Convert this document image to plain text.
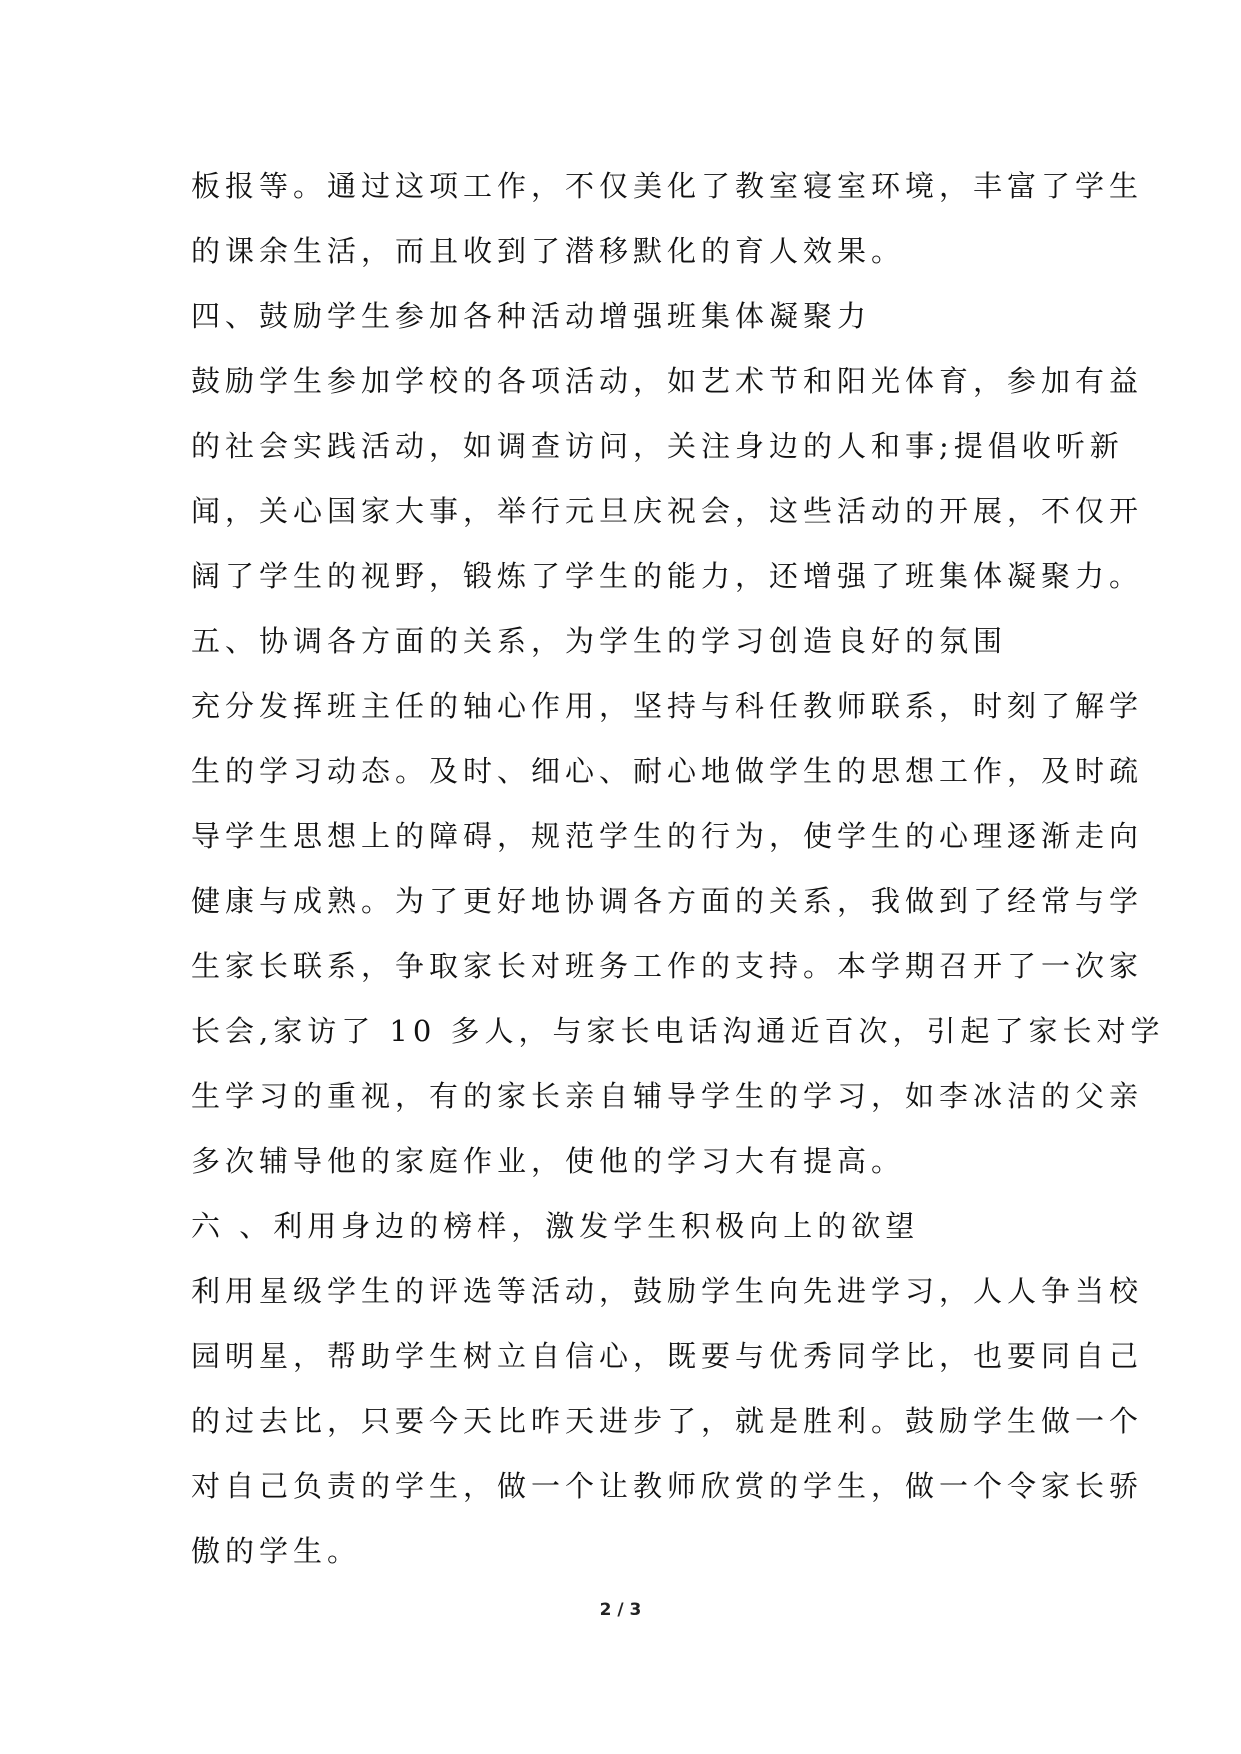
板报等。通过这项工作，不仅美化了教室寝室环境，丰富了学生
的课余生活，而且收到了潜移默化的育人效果。
四、鼓励学生参加各种活动增强班集体凝聚力
鼓励学生参加学校的各项活动，如艺术节和阳光体育，参加有益
的社会实践活动，如调查访问，关注身边的人和事;提倡收听新
闻，关心国家大事，举行元旦庆祝会，这些活动的开展，不仅开
阔了学生的视野，锻炼了学生的能力，还增强了班集体凝聚力。
五、协调各方面的关系，为学生的学习创造良好的氛围
充分发挥班主任的轴心作用，坚持与科任教师联系，时刻了解学
生的学习动态。及时、细心、耐心地做学生的思想工作，及时疏
导学生思想上的障碍，规范学生的行为，使学生的心理逐渐走向
健康与成熟。为了更好地协调各方面的关系，我做到了经常与学
生家长联系，争取家长对班务工作的支持。本学期召开了一次家
长会,家访了 10 多人，与家长电话沟通近百次，引起了家长对学
生学习的重视，有的家长亲自辅导学生的学习，如李冰洁的父亲
多次辅导他的家庭作业，使他的学习大有提高。
六 、利用身边的榜样，激发学生积极向上的欲望
利用星级学生的评选等活动，鼓励学生向先进学习，人人争当校
园明星，帮助学生树立自信心，既要与优秀同学比，也要同自己
的过去比，只要今天比昨天进步了，就是胜利。鼓励学生做一个
对自己负责的学生，做一个让教师欣赏的学生，做一个令家长骄
傲的学生。
2 / 3
